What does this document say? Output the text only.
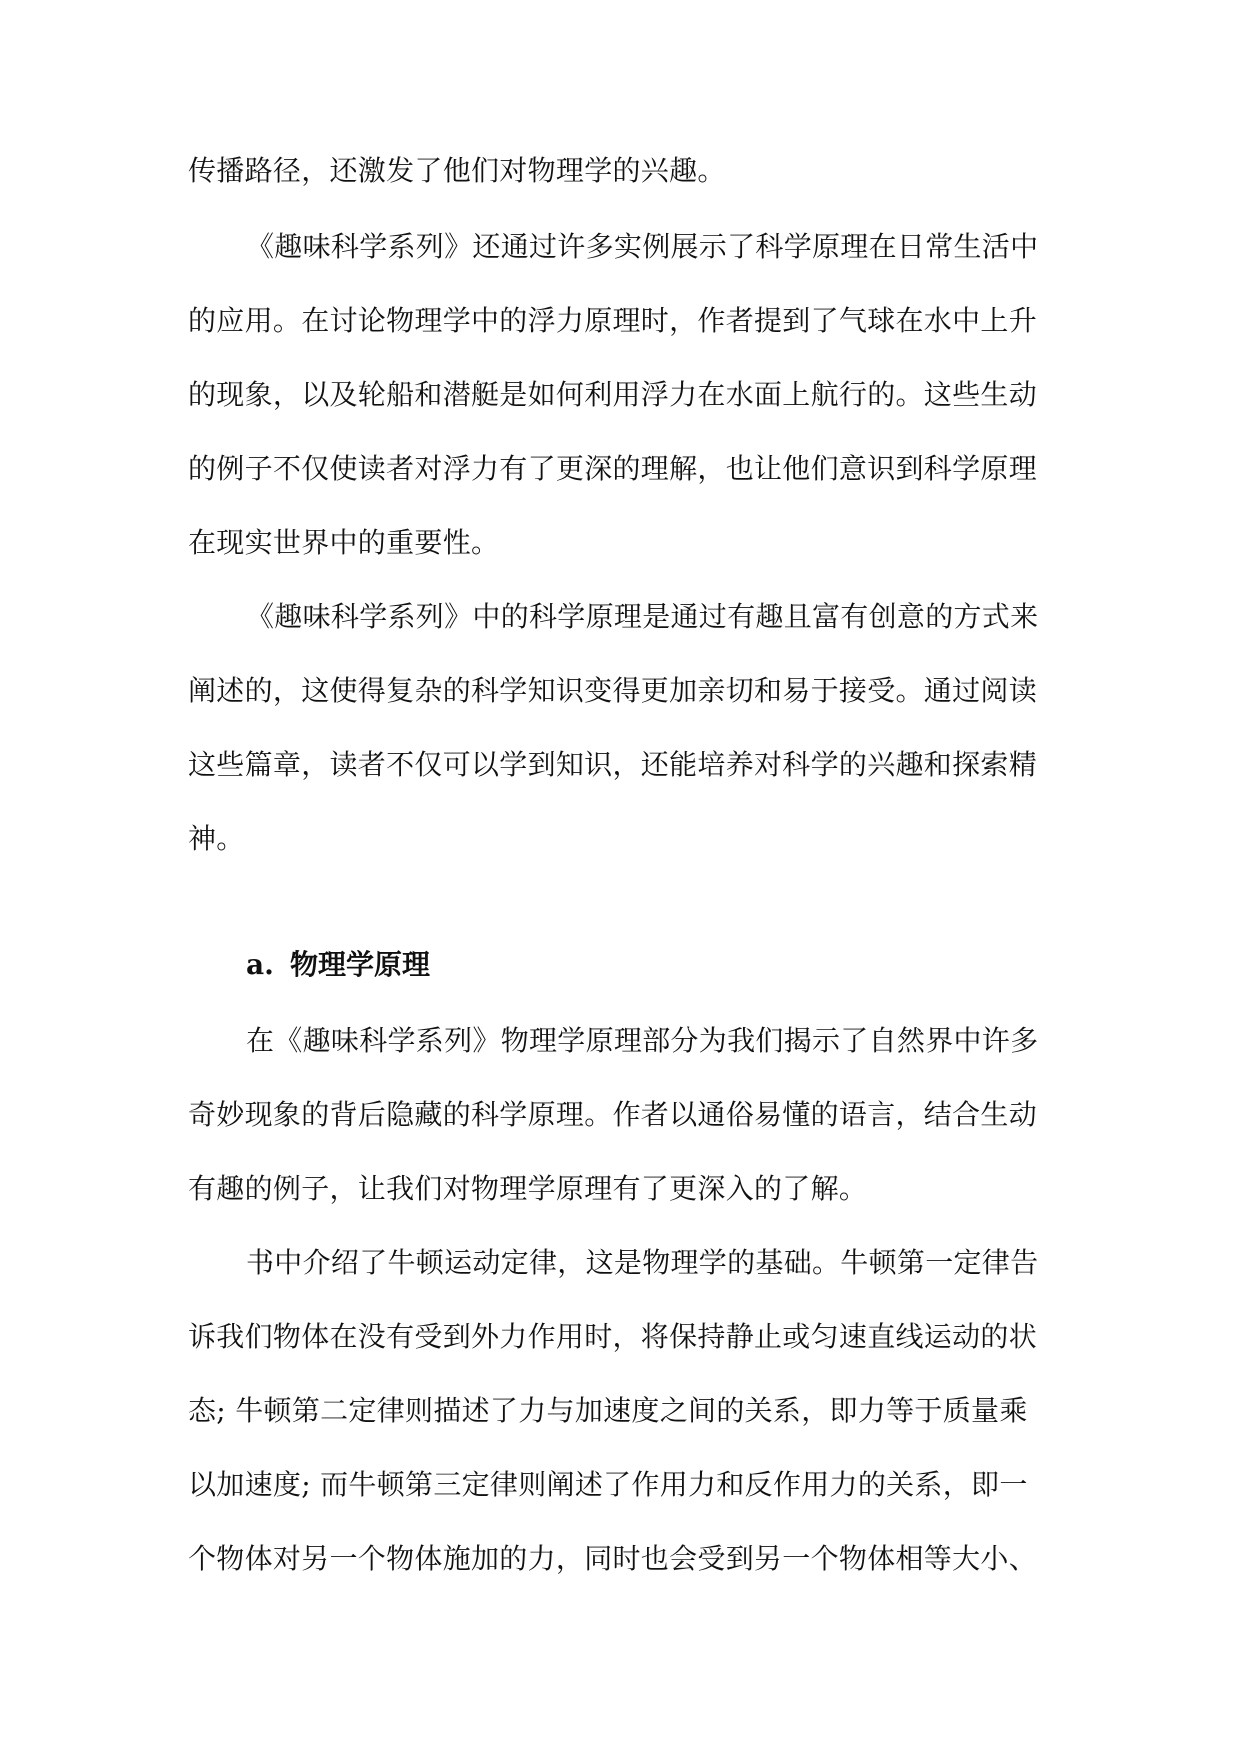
传播路径，还激发了他们对物理学的兴趣。
《趣味科学系列》还通过许多实例展示了科学原理在日常生活中
的应用。在讨论物理学中的浮力原理时，作者提到了气球在水中上升
的现象，以及轮船和潜艇是如何利用浮力在水面上航行的。这些生动
的例子不仅使读者对浮力有了更深的理解，也让他们意识到科学原理
在现实世界中的重要性。
《趣味科学系列》中的科学原理是通过有趣且富有创意的方式来
阐述的，这使得复杂的科学知识变得更加亲切和易于接受。通过阅读
这些篇章，读者不仅可以学到知识，还能培养对科学的兴趣和探索精
神。
a. 物理学原理
在《趣味科学系列》物理学原理部分为我们揭示了自然界中许多
奇妙现象的背后隐藏的科学原理。作者以通俗易懂的语言，结合生动
有趣的例子，让我们对物理学原理有了更深入的了解。
书中介绍了牛顿运动定律，这是物理学的基础。牛顿第一定律告
诉我们物体在没有受到外力作用时，将保持静止或匀速直线运动的状
态; 牛顿第二定律则描述了力与加速度之间的关系，即力等于质量乘
以加速度; 而牛顿第三定律则阐述了作用力和反作用力的关系，即一
个物体对另一个物体施加的力，同时也会受到另一个物体相等大小、
